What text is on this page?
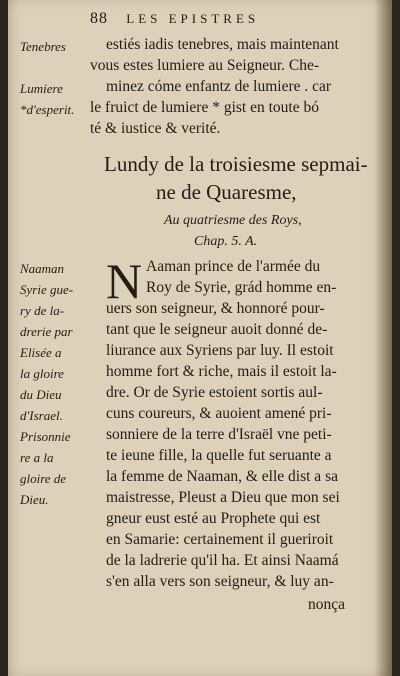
88 LES EPISTRES
estiés iadis tenebres, mais maintenant
vous estes lumiere au Seigneur. Che-
minez cóme enfantz de lumiere . car
le fruict de lumiere * gist en toute bó
té & iustice & verité.
Tenebres
Lumiere
*d'esperit.
Lundy de la troisiesme sepmai-
ne de Quaresme,
Au quatriesme des Roys,
Chap. 5. A.
N Aaman prince de l'armée du
Roy de Syrie, grád homme en-
uers son seigneur, & honnoré pour-
tant que le seigneur auoit donné de-
liurance aux Syriens par luy. Il estoit
homme fort & riche, mais il estoit la-
dre. Or de Syrie estoient sortis aul-
cuns coureurs, & auoient amené pri-
sonniere de la terre d'Israël vne peti-
te ieune fille, la quelle fut seruante a
la femme de Naaman, & elle dist a sa
maistresse, Pleust a Dieu que mon sei
gneur eust esté au Prophete qui est
en Samarie: certainement il gueriroit
de la ladrerie qu'il ha. Et ainsi Naamá
s'en alla vers son seigneur, & luy an-
nonça
Naaman
Syrie gue-
ry de la-
drerie par
Elisée a
la gloire
du Dieu
d'Israel.
Prisonnie
re a la
gloire de
Dieu.
